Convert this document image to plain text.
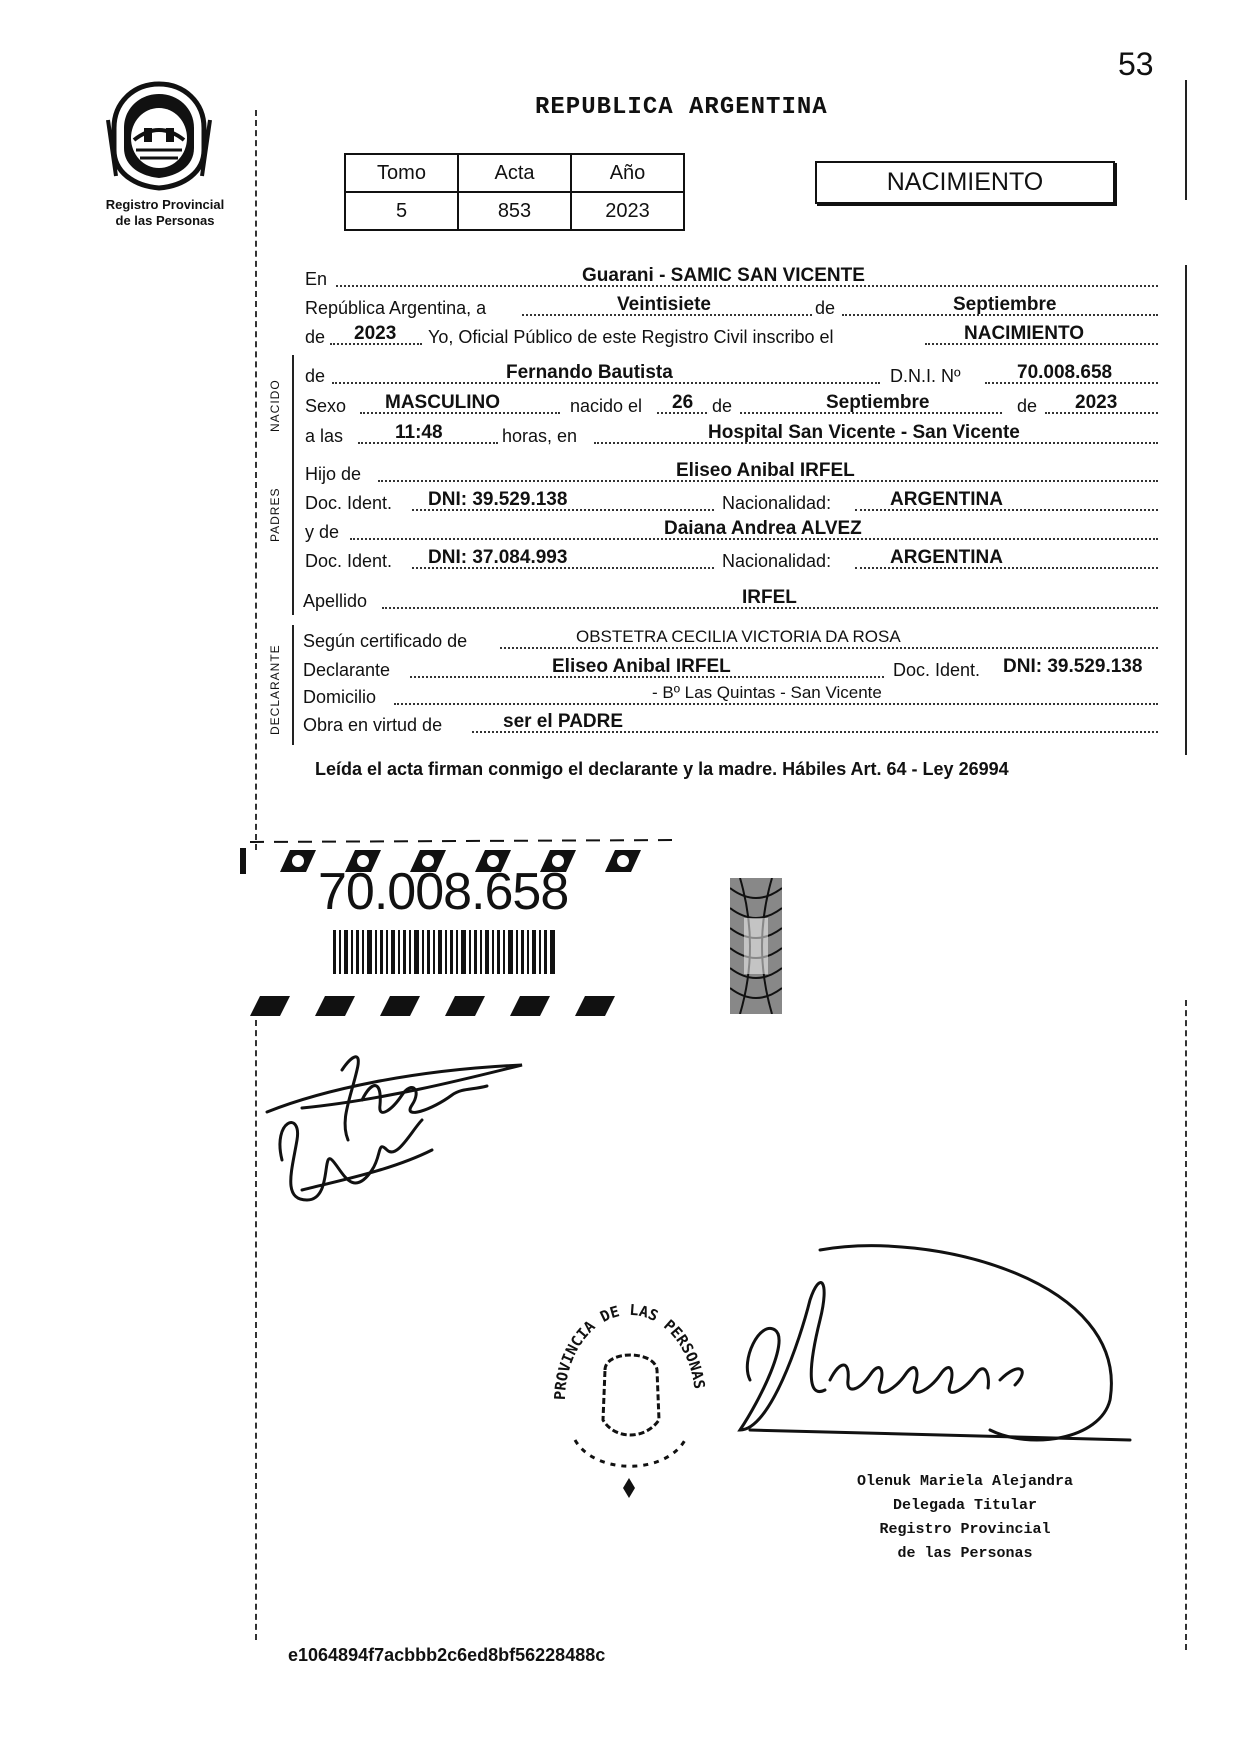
53
Registro Provincial
de las Personas
REPUBLICA ARGENTINA
Tomo	Acta	Año
5	853	2023
NACIMIENTO
En	Guarani - SAMIC SAN VICENTE
República Argentina, a	Veintisiete	de	Septiembre
de 2023 Yo, Oficial Público de este Registro Civil inscribo el	NACIMIENTO
NACIDO
de	Fernando Bautista	D.N.I. Nº	70.008.658
Sexo MASCULINO	nacido el 26 de	Septiembre	de 2023
a las	11:48	horas, en	Hospital San Vicente - San Vicente
PADRES
Hijo de	Eliseo Anibal IRFEL
Doc. Ident. DNI: 39.529.138	Nacionalidad:	ARGENTINA
y de	Daiana Andrea ALVEZ
Doc. Ident. DNI: 37.084.993	Nacionalidad:	ARGENTINA
Apellido	IRFEL
DECLARANTE
Según certificado de	OBSTETRA CECILIA VICTORIA DA ROSA
Declarante	Eliseo Anibal IRFEL	Doc. Ident. DNI: 39.529.138
Domicilio	- Bº Las Quintas - San Vicente
Obra en virtud de	ser el PADRE
Leída el acta firman conmigo el declarante y la madre. Hábiles Art. 64 - Ley 26994
70.008.658
PROVINCIA DE LAS PERSONAS
Olenuk Mariela Alejandra
Delegada Titular
Registro Provincial
de las Personas
e1064894f7acbbb2c6ed8bf56228488c
